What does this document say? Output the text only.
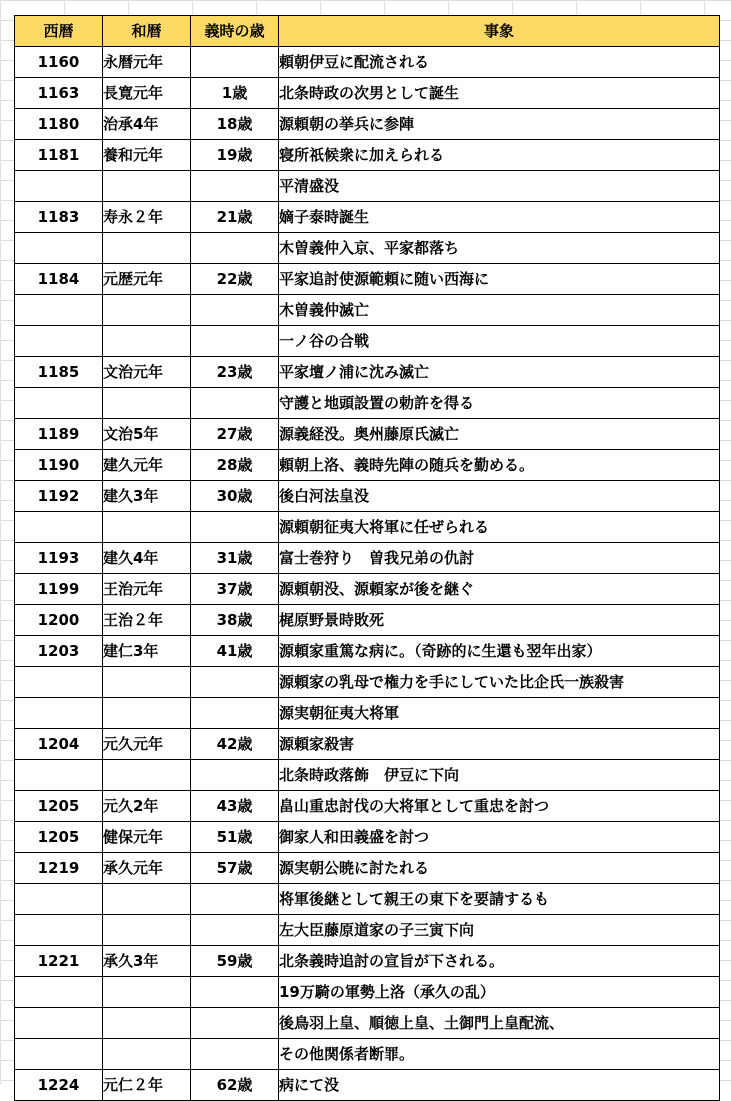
西暦	和暦	義時の歳	事象
1160	永暦元年		頼朝伊豆に配流される
1163	長寛元年	1歳	北条時政の次男として誕生
1180	治承4年	18歳	源頼朝の挙兵に参陣
1181	養和元年	19歳	寝所祇候衆に加えられる
			平清盛没
1183	寿永２年	21歳	嫡子泰時誕生
			木曽義仲入京、平家都落ち
1184	元歴元年	22歳	平家追討使源範頼に随い西海に
			木曽義仲滅亡
			一ノ谷の合戦
1185	文治元年	23歳	平家壇ノ浦に沈み滅亡
			守護と地頭設置の勅許を得る
1189	文治5年	27歳	源義経没。奥州藤原氏滅亡
1190	建久元年	28歳	頼朝上洛、義時先陣の随兵を勤める。
1192	建久3年	30歳	後白河法皇没
			源頼朝征夷大将軍に任ぜられる
1193	建久4年	31歳	富士巻狩り　曽我兄弟の仇討
1199	王治元年	37歳	源頼朝没、源頼家が後を継ぐ
1200	王治２年	38歳	梶原野景時敗死
1203	建仁3年	41歳	源頼家重篤な病に。（奇跡的に生還も翌年出家）
			源頼家の乳母で権力を手にしていた比企氏一族殺害
			源実朝征夷大将軍
1204	元久元年	42歳	源頼家殺害
			北条時政落飾　伊豆に下向
1205	元久2年	43歳	畠山重忠討伐の大将軍として重忠を討つ
1205	健保元年	51歳	御家人和田義盛を討つ
1219	承久元年	57歳	源実朝公暁に討たれる
			将軍後継として親王の東下を要請するも
			左大臣藤原道家の子三寅下向
1221	承久3年	59歳	北条義時追討の宣旨が下される。
			19万騎の軍勢上洛（承久の乱）
			後鳥羽上皇、順徳上皇、土御門上皇配流、
			その他関係者断罪。
1224	元仁２年	62歳	病にて没
